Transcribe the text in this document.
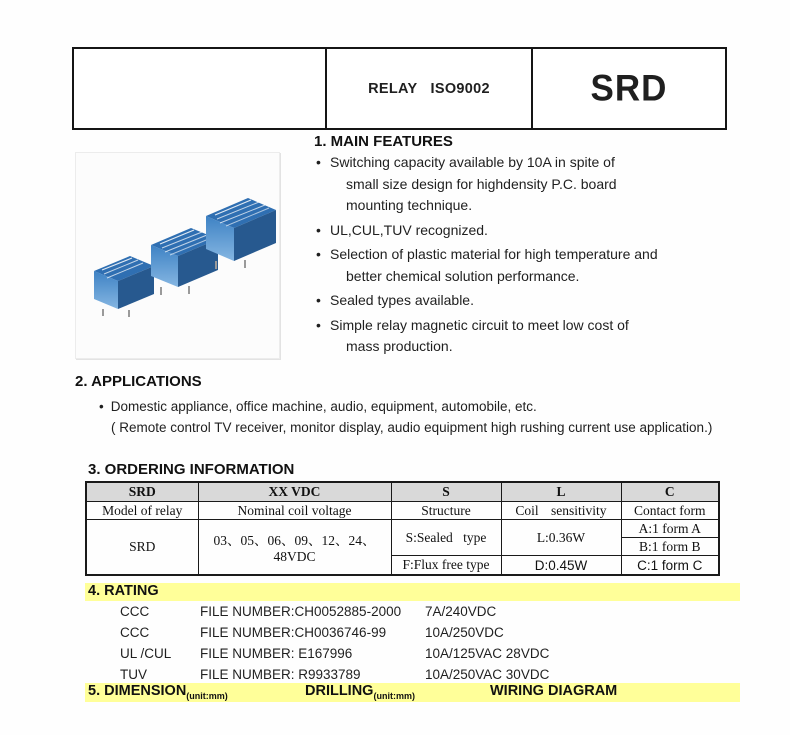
RELAY ISO9002	SRD
1. MAIN FEATURES
• Switching capacity available by 10A in spite of
small size design for highdensity P.C. board
mounting technique.
• UL,CUL,TUV recognized.
• Selection of plastic material for high temperature and
better chemical solution performance.
• Sealed types available.
• Simple relay magnetic circuit to meet low cost of
mass production.
2. APPLICATIONS
• Domestic appliance, office machine, audio, equipment, automobile, etc.
( Remote control TV receiver, monitor display, audio equipment high rushing current use application.)
3. ORDERING INFORMATION
SRD	XX VDC	S	L	C
Model of relay	Nominal coil voltage	Structure	Coil sensitivity	Contact form
SRD	03、05、06、09、12、24、48VDC	S:Sealed type	L:0.36W	A:1 form A
				B:1 form B
		F:Flux free type	D:0.45W	C:1 form C
4. RATING
CCC	FILE NUMBER:CH0052885-2000	7A/240VDC
CCC	FILE NUMBER:CH0036746-99	10A/250VDC
UL /CUL	FILE NUMBER: E167996	10A/125VAC 28VDC
TUV	FILE NUMBER: R9933789	10A/250VAC 30VDC
5. $DIMENSION_{(unit:mm)}$	$DRILLING_{(unit:mm)}$	WIRING DIAGRAM
